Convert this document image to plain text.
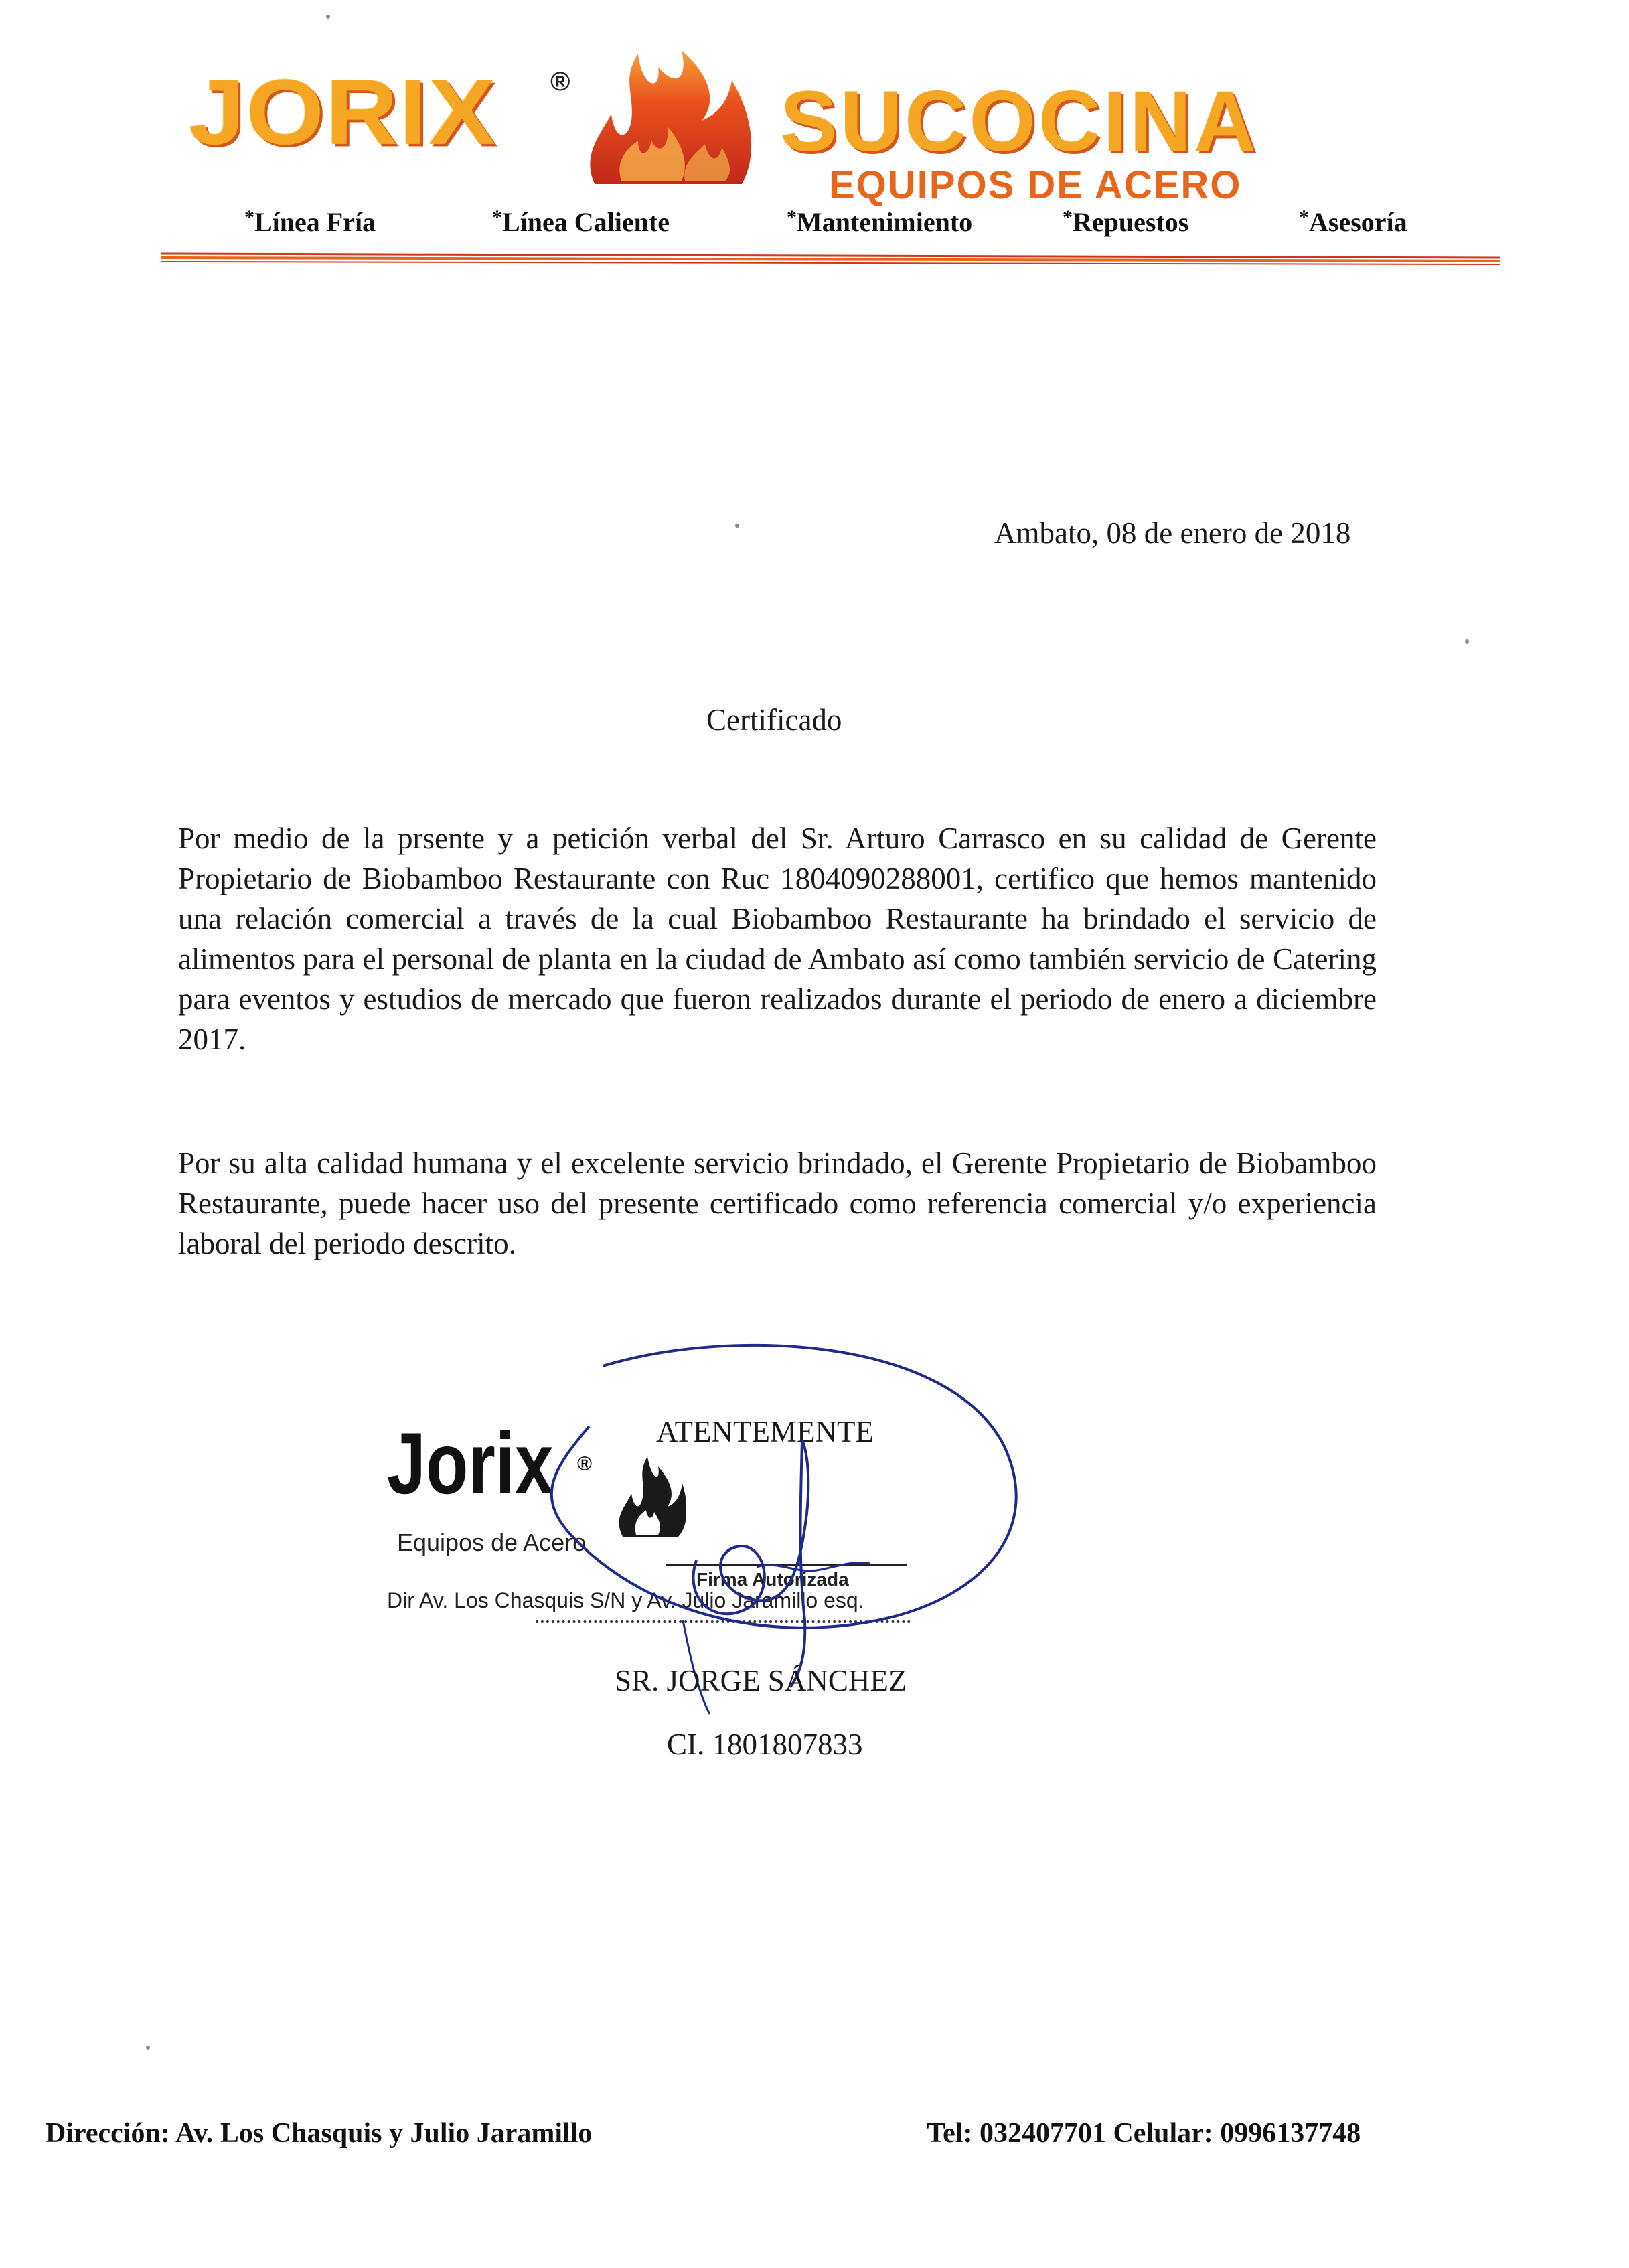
JORIX ® SUCOCINA
EQUIPOS DE ACERO
* Línea Fría	* Línea Caliente	* Mantenimiento	* Repuestos	* Asesoría
Ambato, 08 de enero de 2018
Certificado
Por medio de la prsente y a petición verbal del Sr. Arturo Carrasco en su calidad de Gerente Propietario de Biobamboo Restaurante con Ruc 1804090288001, certifico que hemos mantenido una relación comercial a través de la cual Biobamboo Restaurante ha brindado el servicio de alimentos para el personal de planta en la ciudad de Ambato así como también servicio de Catering para eventos y estudios de mercado que fueron realizados durante el periodo de enero a diciembre 2017.
Por su alta calidad humana y el excelente servicio brindado, el Gerente Propietario de Biobamboo Restaurante, puede hacer uso del presente certificado como referencia comercial y/o experiencia laboral del periodo descrito.
ATENTEMENTE
Jorix ®
Equipos de Acero
Firma Autorizada
Dir Av. Los Chasquis S/N y Av. Julio Jaramillo esq.
SR. JORGE SÁNCHEZ
CI. 1801807833
Dirección: Av. Los Chasquis y Julio Jaramillo	Tel: 032407701 Celular: 0996137748
